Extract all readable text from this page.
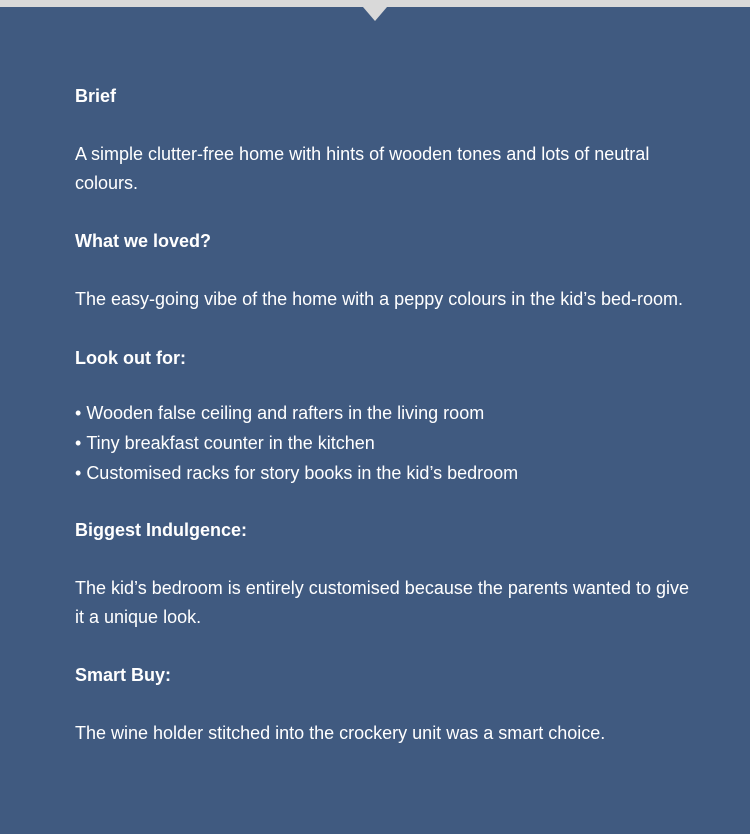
Brief

A simple clutter-free home with hints of wooden tones and lots of neutral colours.

What we loved?

The easy-going vibe of the home with a peppy colours in the kid’s bed-room.

Look out for:
• Wooden false ceiling and rafters in the living room
• Tiny breakfast counter in the kitchen
• Customised racks for story books in the kid’s bedroom
Biggest Indulgence:

The kid’s bedroom is entirely customised because the parents wanted to give it a unique look.

Smart Buy:

The wine holder stitched into the crockery unit was a smart choice.
